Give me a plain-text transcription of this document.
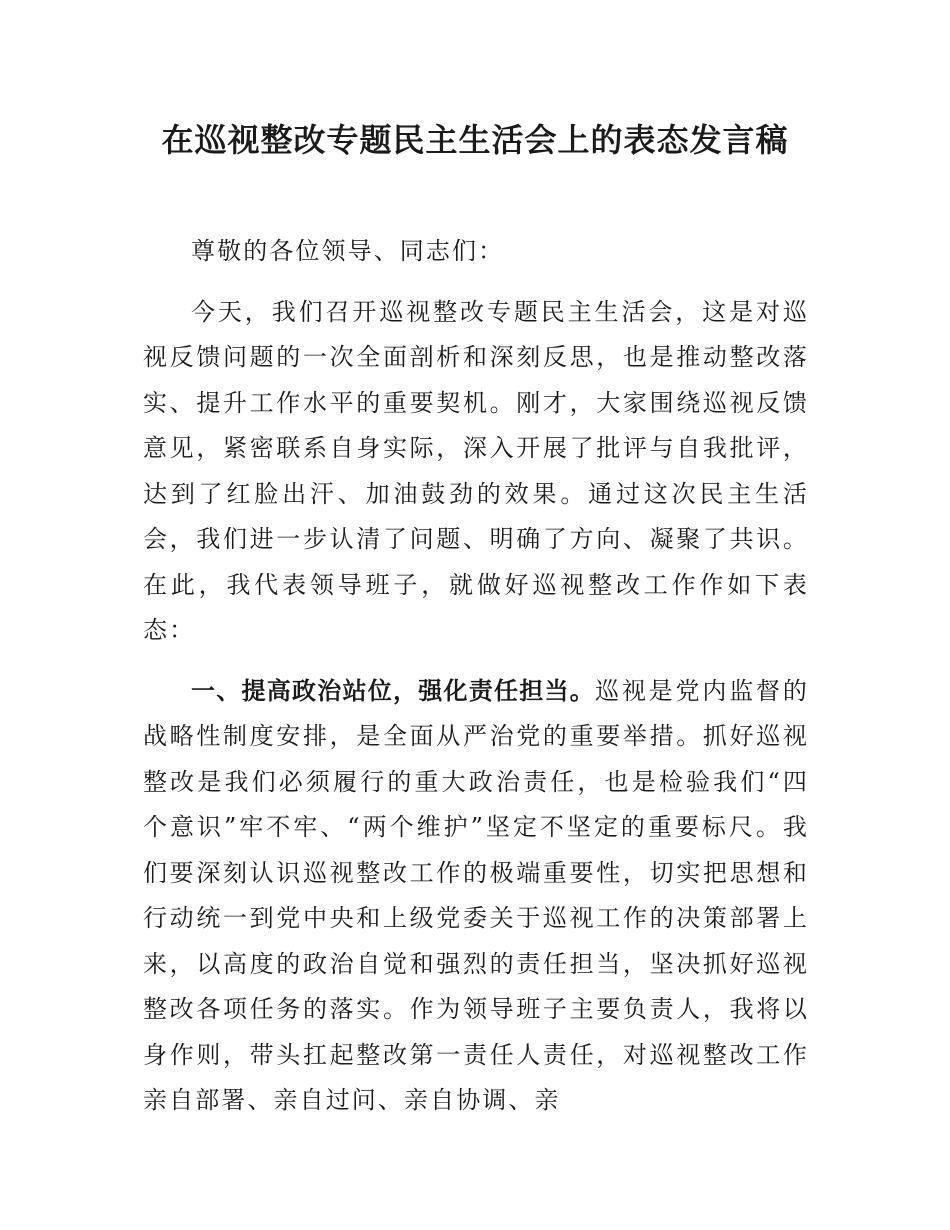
在巡视整改专题民主生活会上的表态发言稿

尊敬的各位领导、同志们：

今天，我们召开巡视整改专题民主生活会，这是对巡视反馈问题的一次全面剖析和深刻反思，也是推动整改落实、提升工作水平的重要契机。刚才，大家围绕巡视反馈意见，紧密联系自身实际，深入开展了批评与自我批评，达到了红脸出汗、加油鼓劲的效果。通过这次民主生活会，我们进一步认清了问题、明确了方向、凝聚了共识。在此，我代表领导班子，就做好巡视整改工作作如下表态：

一、提高政治站位，强化责任担当。巡视是党内监督的战略性制度安排，是全面从严治党的重要举措。抓好巡视整改是我们必须履行的重大政治责任，也是检验我们“四个意识”牢不牢、“两个维护”坚定不坚定的重要标尺。我们要深刻认识巡视整改工作的极端重要性，切实把思想和行动统一到党中央和上级党委关于巡视工作的决策部署上来，以高度的政治自觉和强烈的责任担当，坚决抓好巡视整改各项任务的落实。作为领导班子主要负责人，我将以身作则，带头扛起整改第一责任人责任，对巡视整改工作亲自部署、亲自过问、亲自协调、亲
